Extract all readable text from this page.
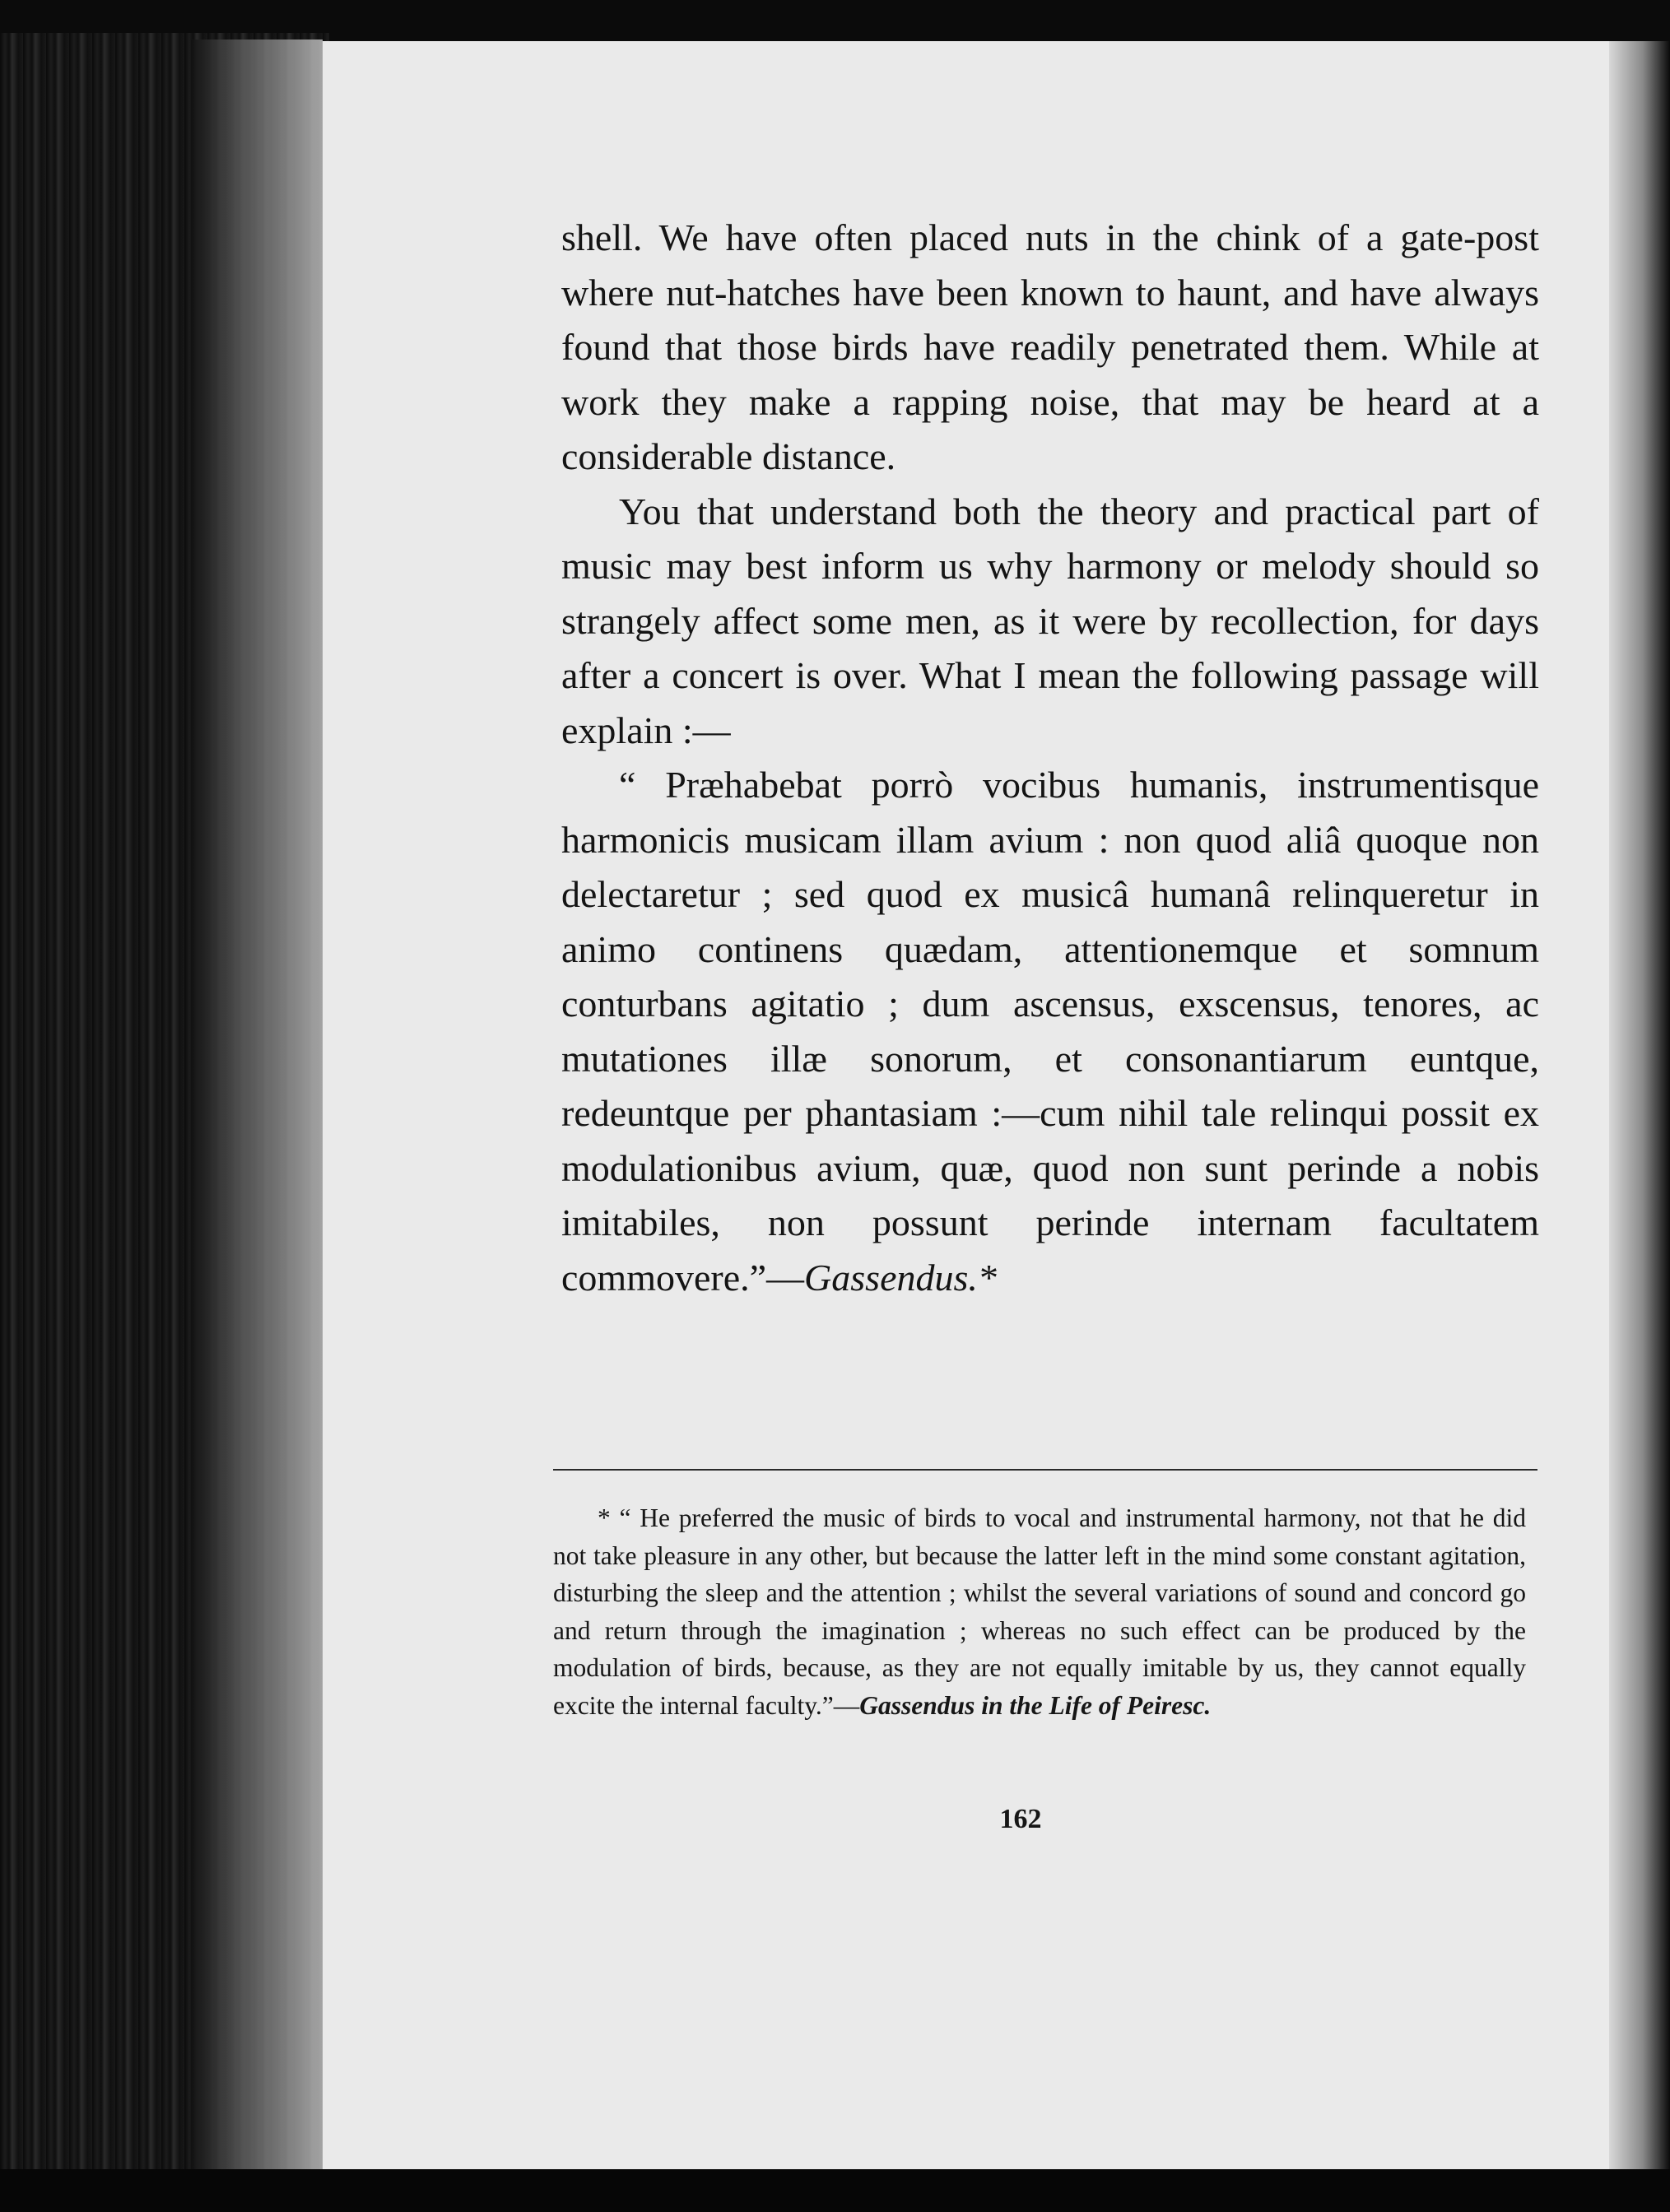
shell. We have often placed nuts in the chink of a gate-post where nut-hatches have been known to haunt, and have always found that those birds have readily penetrated them. While at work they make a rapping noise, that may be heard at a considerable distance.

You that understand both the theory and practical part of music may best inform us why harmony or melody should so strangely affect some men, as it were by recollection, for days after a concert is over. What I mean the following passage will explain :—

“ Præhabebat porrò vocibus humanis, instrumentisque harmonicis musicam illam avium : non quod aliâ quoque non delectaretur ; sed quod ex musicâ humanâ relinqueretur in animo continens quædam, attentionemque et somnum conturbans agitatio ; dum ascensus, exscensus, tenores, ac mutationes illæ sonorum, et consonantiarum euntque, redeuntque per phantasiam :—cum nihil tale relinqui possit ex modulationibus avium, quæ, quod non sunt perinde a nobis imitabiles, non possunt perinde internam facultatem commovere.”—Gassendus.*

* “ He preferred the music of birds to vocal and instrumental harmony, not that he did not take pleasure in any other, but because the latter left in the mind some constant agitation, disturbing the sleep and the attention ; whilst the several variations of sound and concord go and return through the imagination ; whereas no such effect can be produced by the modulation of birds, because, as they are not equally imitable by us, they cannot equally excite the internal faculty.”—Gassendus in the Life of Peiresc.
162
